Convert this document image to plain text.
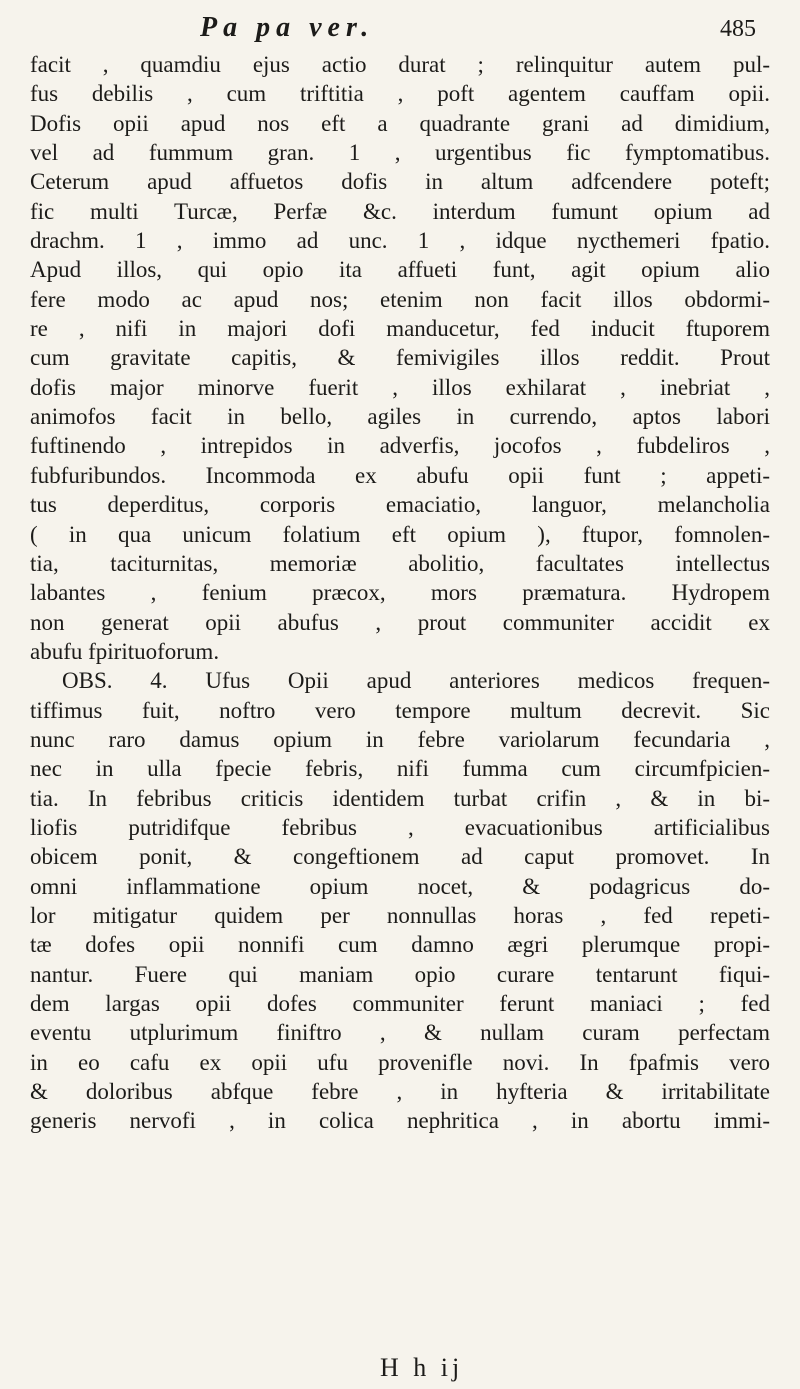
Pa pa ver.	485
facit , quamdiu ejus actio durat ; relinquitur autem pul-
fus debilis , cum triftitia , poft agentem cauffam opii.
Dofis opii apud nos eft a quadrante grani ad dimidium,
vel ad fummum gran. 1 , urgentibus fic fymptomatibus.
Ceterum apud affuetos dofis in altum adfcendere poteft;
fic multi Turcæ, Perfæ &c. interdum fumunt opium ad
drachm. 1 , immo ad unc. 1 , idque nycthemeri fpatio.
Apud illos, qui opio ita affueti funt, agit opium alio
fere modo ac apud nos; etenim non facit illos obdormi-
re , nifi in majori dofi manducetur, fed inducit ftuporem
cum gravitate capitis, & femivigiles illos reddit. Prout
dofis major minorve fuerit , illos exhilarat , inebriat ,
animofos facit in bello, agiles in currendo, aptos labori
fuftinendo , intrepidos in adverfis, jocofos , fubdeliros ,
fubfuribundos. Incommoda ex abufu opii funt ; appeti-
tus deperditus, corporis emaciatio, languor, melancholia
( in qua unicum folatium eft opium ), ftupor, fomnolen-
tia, taciturnitas, memoriæ abolitio, facultates intellectus
labantes , fenium præcox, mors præmatura. Hydropem
non generat opii abufus , prout communiter accidit ex
abufu fpirituoforum.
OBS. 4. Ufus Opii apud anteriores medicos frequen-
tiffimus fuit, noftro vero tempore multum decrevit. Sic
nunc raro damus opium in febre variolarum fecundaria ,
nec in ulla fpecie febris, nifi fumma cum circumfpicien-
tia. In febribus criticis identidem turbat crifin , & in bi-
liofis putridifque febribus , evacuationibus artificialibus
obicem ponit, & congeftionem ad caput promovet. In
omni inflammatione opium nocet, & podagricus do-
lor mitigatur quidem per nonnullas horas , fed repeti-
tæ dofes opii nonnifi cum damno ægri plerumque propi-
nantur. Fuere qui maniam opio curare tentarunt fiqui-
dem largas opii dofes communiter ferunt maniaci ; fed
eventu utplurimum finiftro , & nullam curam perfectam
in eo cafu ex opii ufu provenifle novi. In fpafmis vero
& doloribus abfque febre , in hyfteria & irritabilitate
generis nervofi , in colica nephritica , in abortu immi-
H h ij
